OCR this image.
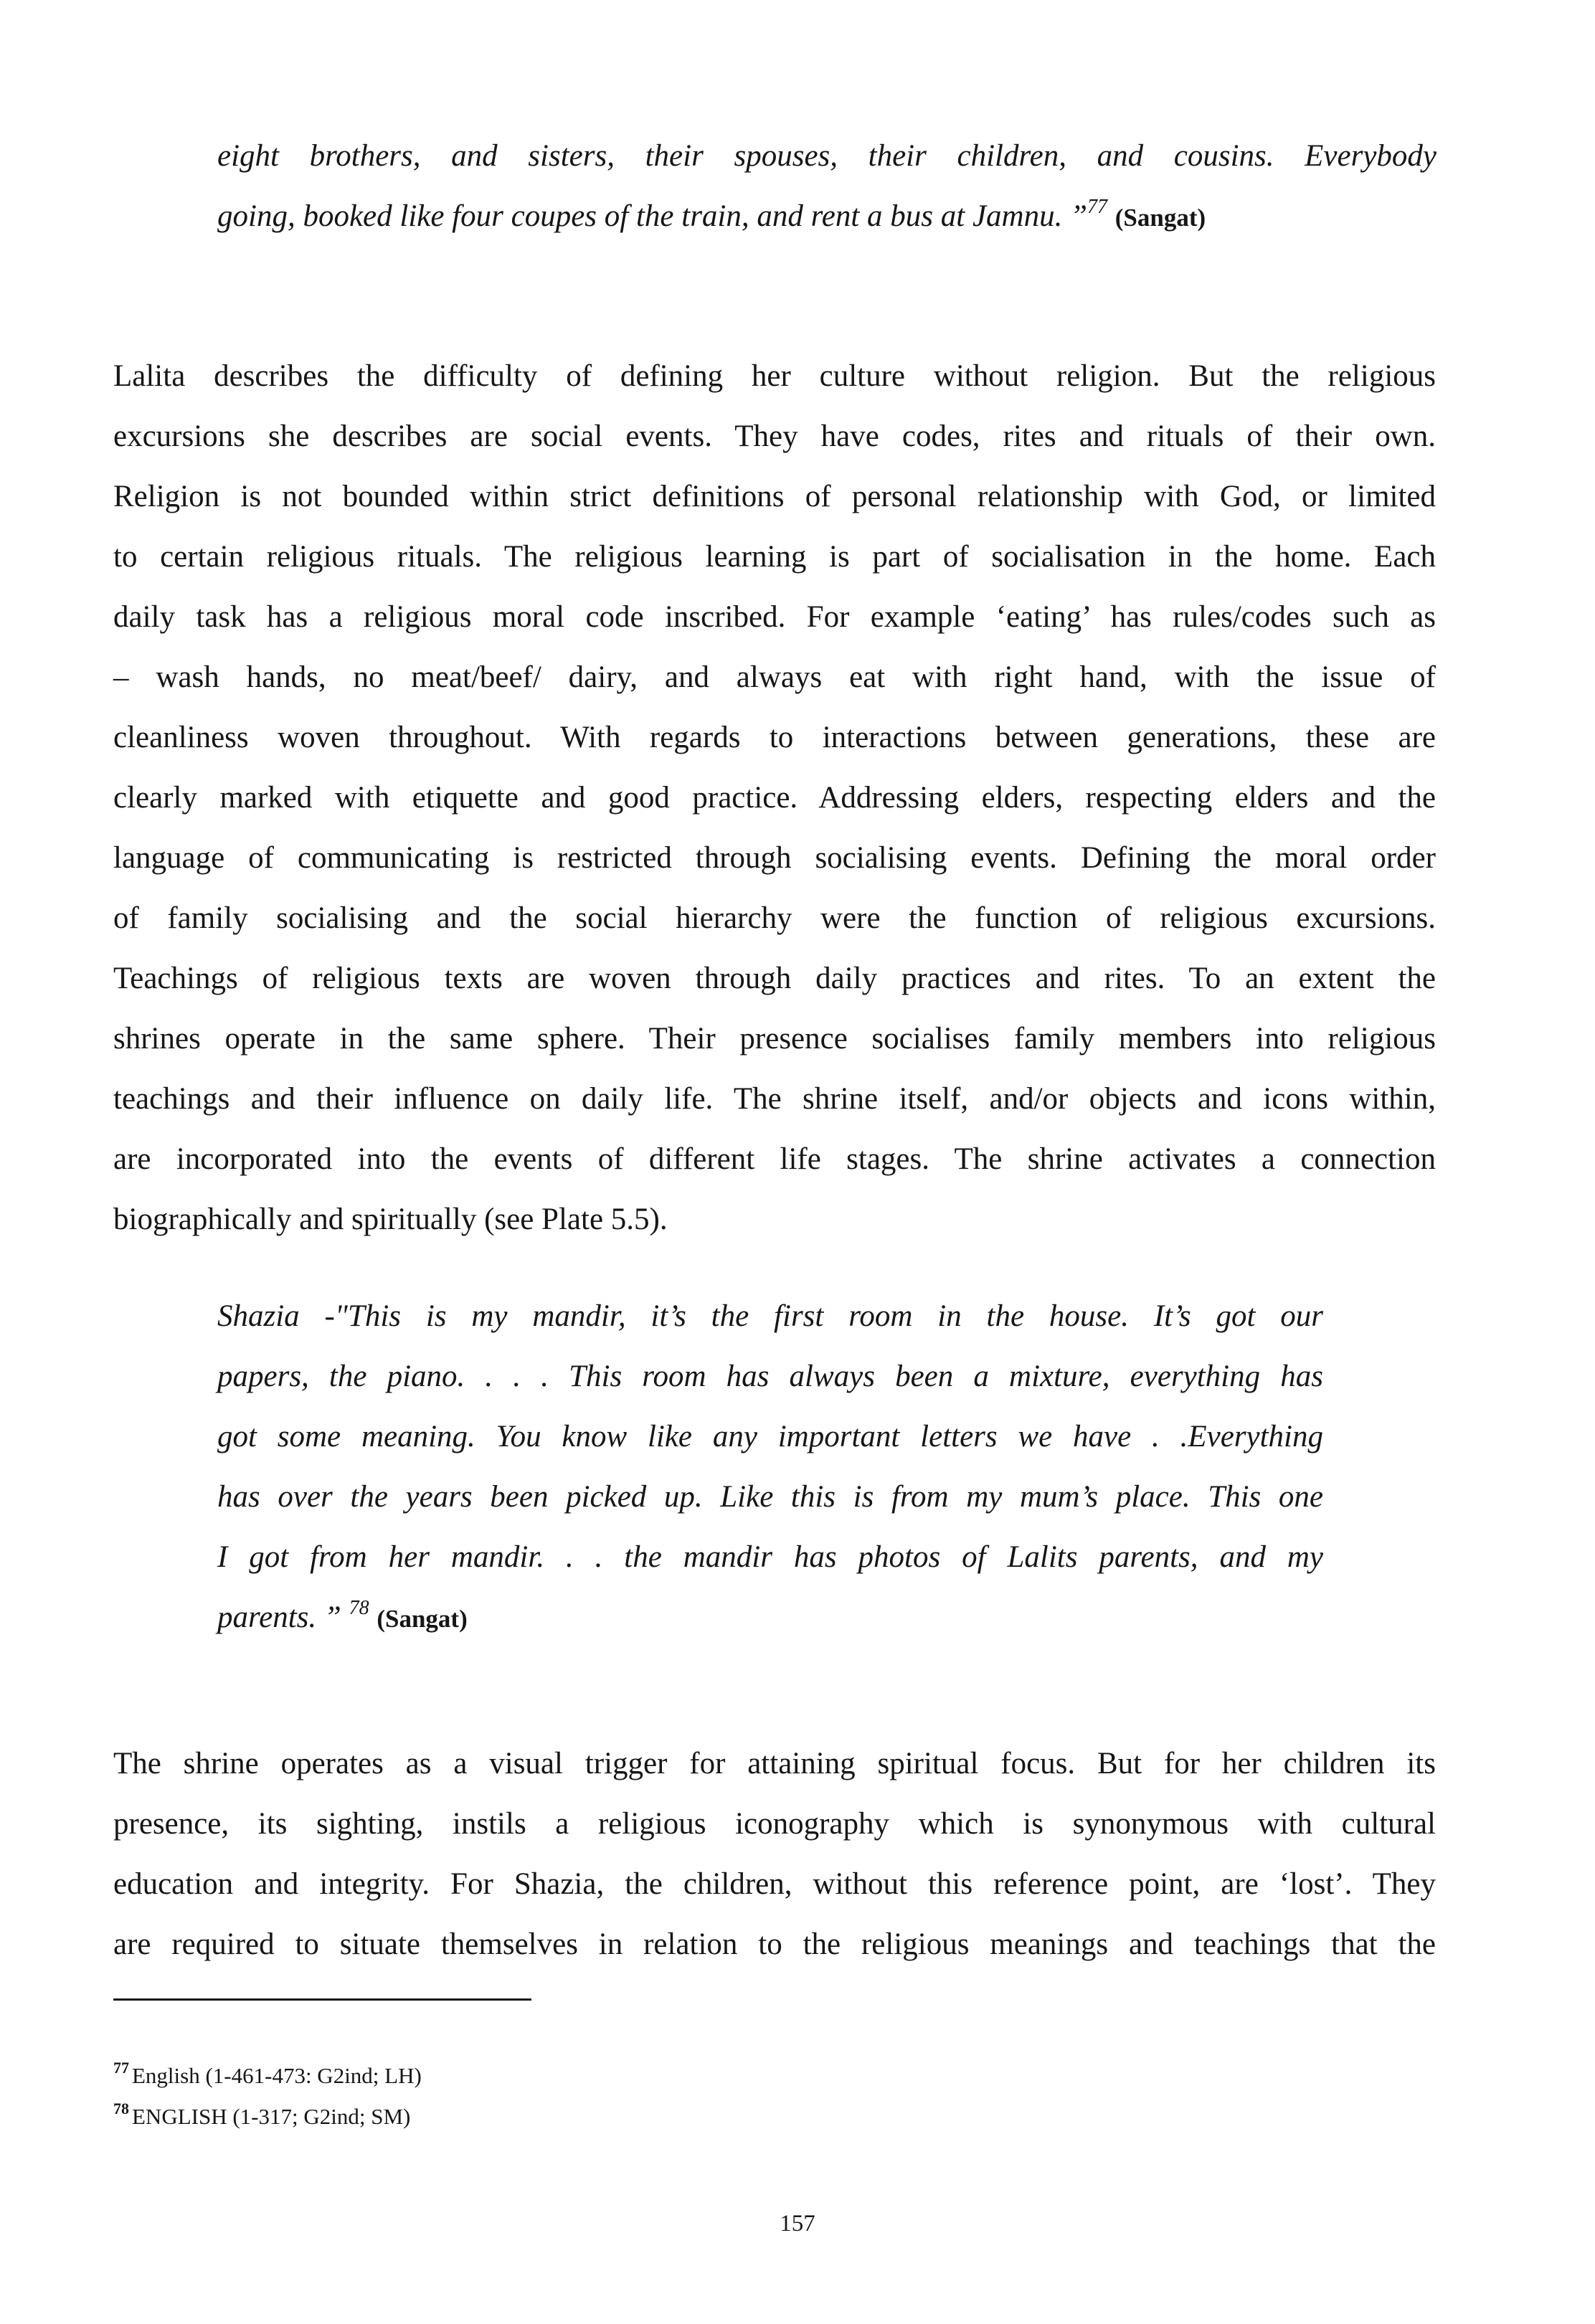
eight brothers, and sisters, their spouses, their children, and cousins. Everybody
going, booked like four coupes of the train, and rent a bus at Jamnu. ”$^{77}$ (Sangat)
Lalita describes the difficulty of defining her culture without religion. But the religious
excursions she describes are social events. They have codes, rites and rituals of their own.
Religion is not bounded within strict definitions of personal relationship with God, or limited
to certain religious rituals. The religious learning is part of socialisation in the home. Each
daily task has a religious moral code inscribed. For example ‘eating’ has rules/codes such as
– wash hands, no meat/beef/ dairy, and always eat with right hand, with the issue of
cleanliness woven throughout. With regards to interactions between generations, these are
clearly marked with etiquette and good practice. Addressing elders, respecting elders and the
language of communicating is restricted through socialising events. Defining the moral order
of family socialising and the social hierarchy were the function of religious excursions.
Teachings of religious texts are woven through daily practices and rites. To an extent the
shrines operate in the same sphere. Their presence socialises family members into religious
teachings and their influence on daily life. The shrine itself, and/or objects and icons within,
are incorporated into the events of different life stages. The shrine activates a connection
biographically and spiritually (see Plate 5.5).
Shazia -"This is my mandir, it’s the first room in the house. It’s got our
papers, the piano. . . . This room has always been a mixture, everything has
got some meaning. You know like any important letters we have . .Everything
has over the years been picked up. Like this is from my mum’s place. This one
I got from her mandir. . . the mandir has photos of Lalits parents, and my
parents. ” $^{78}$ (Sangat)
The shrine operates as a visual trigger for attaining spiritual focus. But for her children its
presence, its sighting, instils a religious iconography which is synonymous with cultural
education and integrity. For Shazia, the children, without this reference point, are ‘lost’. They
are required to situate themselves in relation to the religious meanings and teachings that the
$^{77}$ English (1-461-473: G2ind; LH)
$^{78}$ ENGLISH (1-317; G2ind; SM)
157
